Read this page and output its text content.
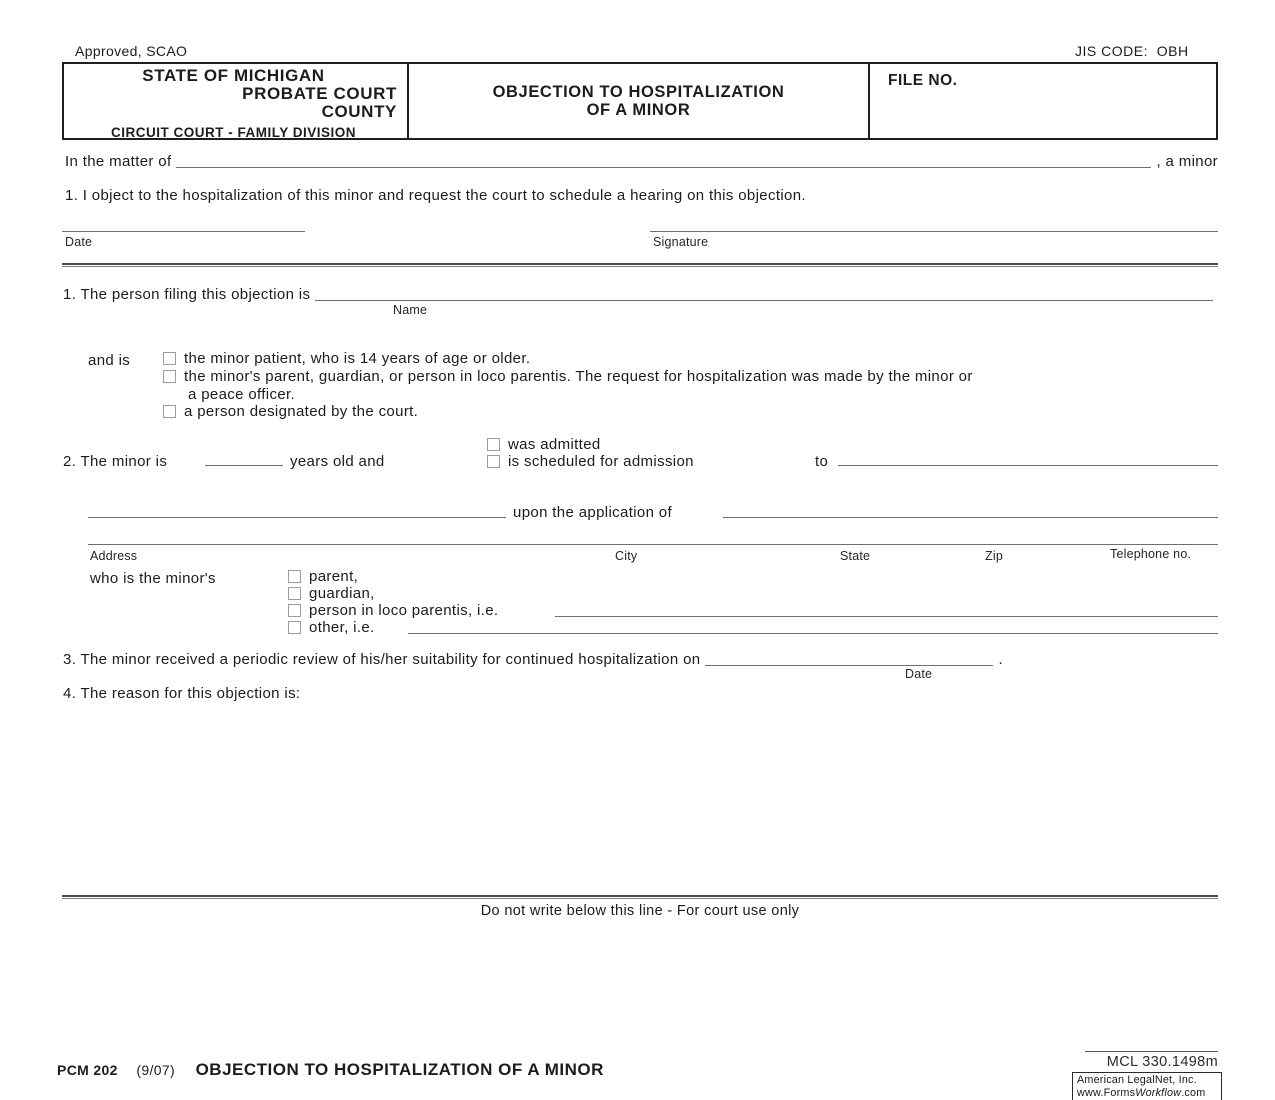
Approved, SCAO	JIS CODE:  OBH
STATE OF MICHIGAN
PROBATE COURT
COUNTY
CIRCUIT COURT - FAMILY DIVISION
OBJECTION TO HOSPITALIZATION
OF A MINOR
FILE NO.
In the matter of	, a minor
1. I object to the hospitalization of this minor and request the court to schedule a hearing on this objection.
Date	Signature
1. The person filing this objection is
Name
and is	the minor patient, who is 14 years of age or older.
the minor's parent, guardian, or person in loco parentis. The request for hospitalization was made by the minor or
a peace officer.
a person designated by the court.
2. The minor is	years old and
was admitted
is scheduled for admission	to
upon the application of
Address	City	State	Zip	Telephone no.
who is the minor's	parent,
guardian,
person in loco parentis, i.e.
other, i.e.
3. The minor received a periodic review of his/her suitability for continued hospitalization on	.
Date
4. The reason for this objection is:
Do not write below this line - For court use only
PCM 202 (9/07) OBJECTION TO HOSPITALIZATION OF A MINOR	MCL 330.1498m
American LegalNet, Inc.
www.FormsWorkflow.com
